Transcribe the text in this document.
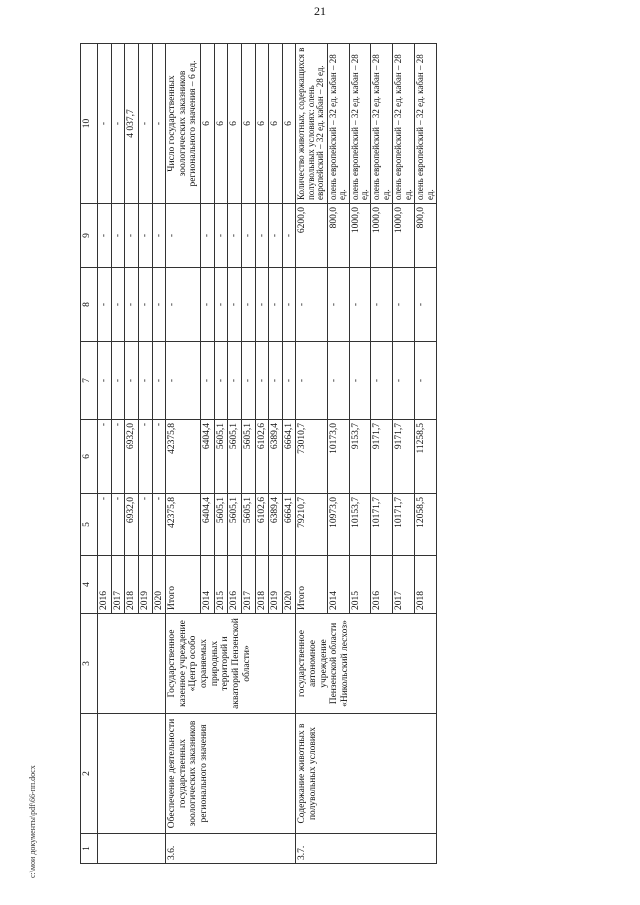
21
1	2	3	4	5	6	7	8	9	10
			2016	-	-	-	-	-	-
			2017	-	-	-	-	-	-
			2018	6932,0	6932,0	-	-	-	4 037,7
			2019	-	-	-	-	-	-
			2020	-	-	-	-	-	-
3.6.	Обеспечение деятельности государственных зоологических заказников регионального значения	Государственное казенное учреждение «Центр особо охраняемых природных территорий и акваторий Пензенской области»	Итого	42375,8	42375,8	-	-	-	Число государственных зоологических заказников регионального значения – 6 ед.
			2014	6404,4	6404,4	-	-	-	6
			2015	5605,1	5605,1	-	-	-	6
			2016	5605,1	5605,1	-	-	-	6
			2017	5605,1	5605,1	-	-	-	6
			2018	6102,6	6102,6	-	-	-	6
			2019	6389,4	6389,4	-	-	-	6
			2020	6664,1	6664,1	-	-	-	6
3.7.	Содержание животных в полувольных условиях	государственное автономное учреждение Пензенской области «Никольский лесхоз»	Итого	79210,7	73010,7	-	-	6200,0	Количество животных, содержащихся в полувольных условиях: олень европейский – 32 ед. кабан – 28 ед.
			2014	10973,0	10173,0	-	-	800,0	олень европейский – 32 ед. кабан – 28 ед.
			2015	10153,7	9153,7	-	-	1000,0	олень европейский – 32 ед. кабан – 28 ед.
			2016	10171,7	9171,7	-	-	1000,0	олень европейский – 32 ед. кабан – 28 ед.
			2017	10171,7	9171,7	-	-	1000,0	олень европейский – 32 ед. кабан – 28 ед.
			2018	12058,5	11258,5	-	-	800,0	олень европейский – 32 ед. кабан – 28 ед.
c:\мои документы\pdf\66-пп.docx
